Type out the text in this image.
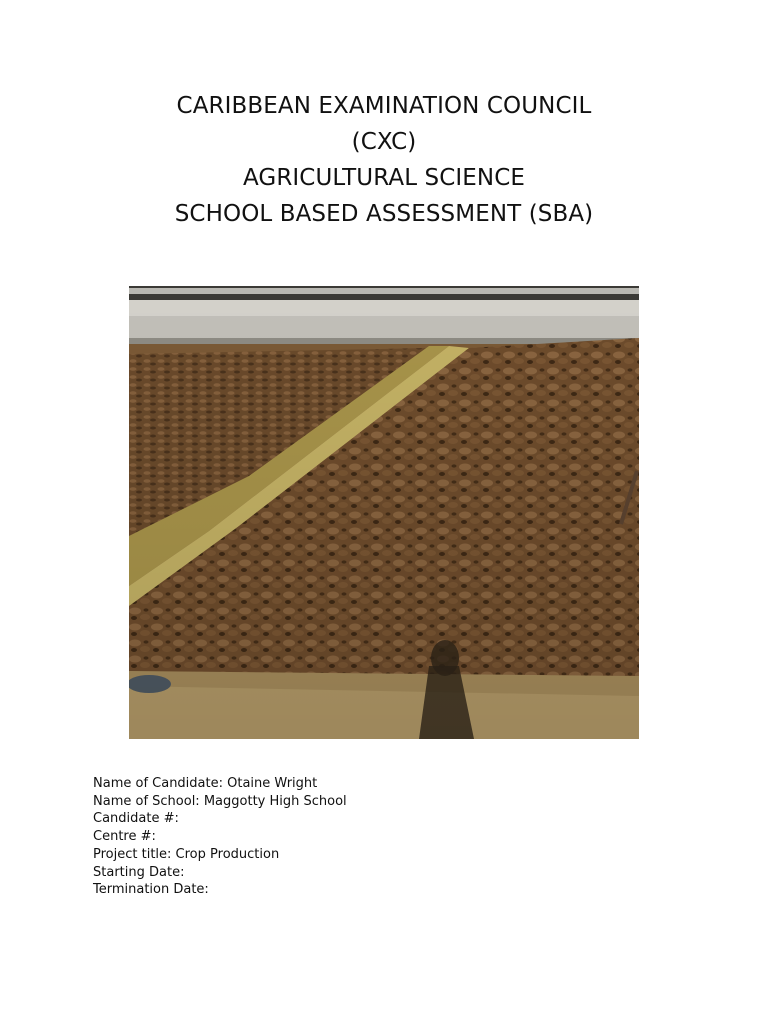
CARIBBEAN EXAMINATION COUNCIL
(CXC)
AGRICULTURAL SCIENCE
SCHOOL BASED ASSESSMENT (SBA)
Name of Candidate: Otaine Wright
Name of School: Maggotty High School
Candidate #:
Centre #:
Project title: Crop Production
Starting Date:
Termination Date:
